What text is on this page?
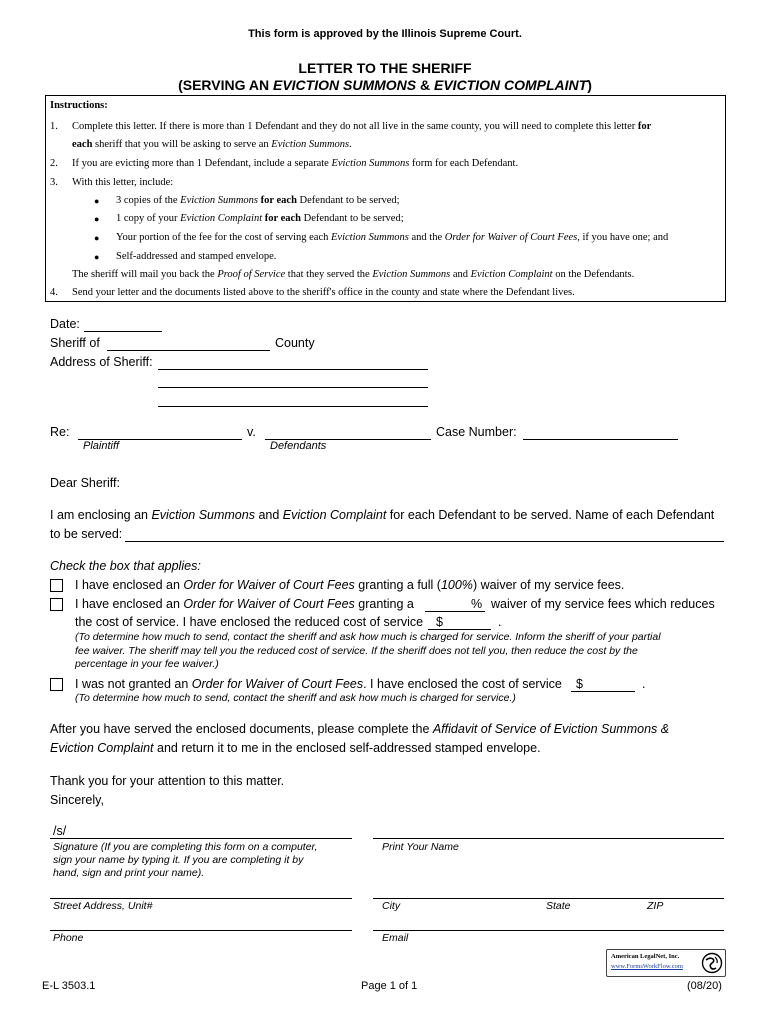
This form is approved by the Illinois Supreme Court.
LETTER TO THE SHERIFF
(SERVING AN EVICTION SUMMONS & EVICTION COMPLAINT)
Instructions:
1. Complete this letter. If there is more than 1 Defendant and they do not all live in the same county, you will need to complete this letter for
each sheriff that you will be asking to serve an Eviction Summons.
2. If you are evicting more than 1 Defendant, include a separate Eviction Summons form for each Defendant.
3. With this letter, include:
● 3 copies of the Eviction Summons for each Defendant to be served;
● 1 copy of your Eviction Complaint for each Defendant to be served;
● Your portion of the fee for the cost of serving each Eviction Summons and the Order for Waiver of Court Fees, if you have one; and
● Self-addressed and stamped envelope.
The sheriff will mail you back the Proof of Service that they served the Eviction Summons and Eviction Complaint on the Defendants.
4. Send your letter and the documents listed above to the sheriff's office in the county and state where the Defendant lives.
Date:
Sheriff of	County
Address of Sheriff:
Re:	v.	Case Number:
Plaintiff	Defendants
Dear Sheriff:
I am enclosing an Eviction Summons and Eviction Complaint for each Defendant to be served. Name of each Defendant
to be served:
Check the box that applies:
I have enclosed an Order for Waiver of Court Fees granting a full (100%) waiver of my service fees.
I have enclosed an Order for Waiver of Court Fees granting a	% waiver of my service fees which reduces
the cost of service. I have enclosed the reduced cost of service $	.
(To determine how much to send, contact the sheriff and ask how much is charged for service. Inform the sheriff of your partial
fee waiver. The sheriff may tell you the reduced cost of service. If the sheriff does not tell you, then reduce the cost by the
percentage in your fee waiver.)
I was not granted an Order for Waiver of Court Fees. I have enclosed the cost of service $	.
(To determine how much to send, contact the sheriff and ask how much is charged for service.)
After you have served the enclosed documents, please complete the Affidavit of Service of Eviction Summons &
Eviction Complaint and return it to me in the enclosed self-addressed stamped envelope.
Thank you for your attention to this matter.
Sincerely,
/s/
Signature (If you are completing this form on a computer,
sign your name by typing it. If you are completing it by
hand, sign and print your name).
Print Your Name
Street Address, Unit#	City	State	ZIP
Phone	Email
American LegalNet, Inc.
www.FormsWorkFlow.com
E-L 3503.1	Page 1 of 1	(08/20)
